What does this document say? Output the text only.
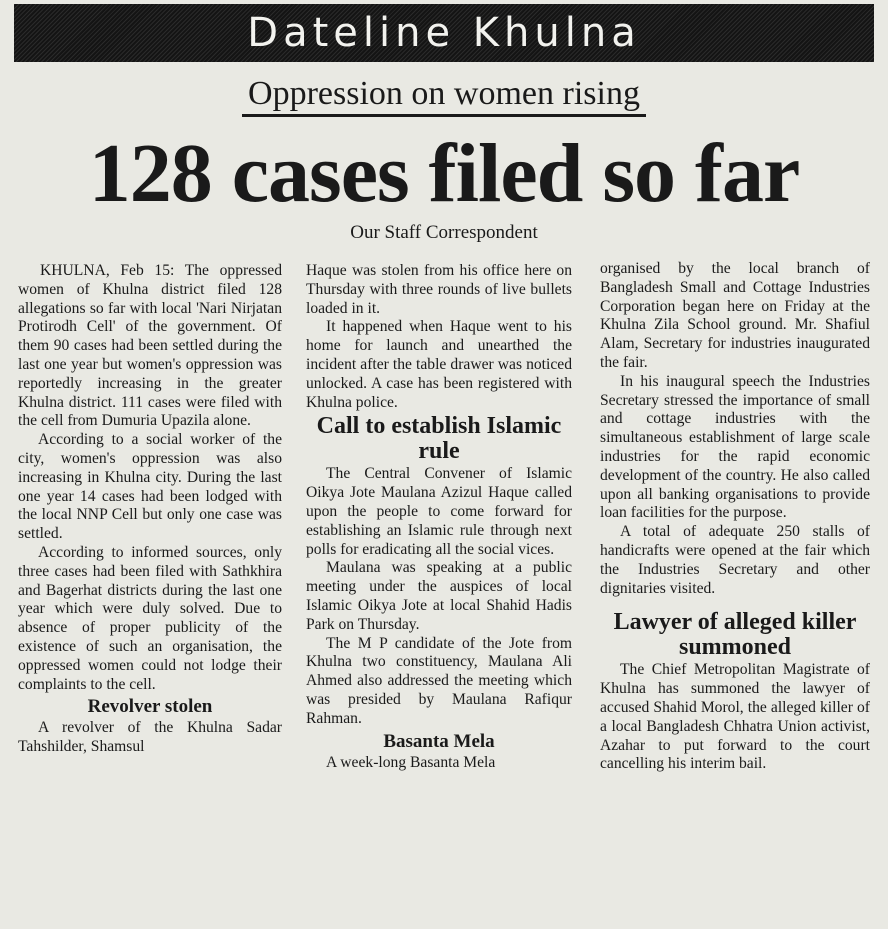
Dateline Khulna
Oppression on women rising
128 cases filed so far
Our Staff Correspondent

KHULNA, Feb 15: The oppressed women of Khulna district filed 128 allegations so far with local 'Nari Nirjatan Protirodh Cell' of the government. Of them 90 cases had been settled during the last one year but women's oppression was reportedly increasing in the greater Khulna district. 111 cases were filed with the cell from Dumuria Upazila alone.

According to a social worker of the city, women's oppression was also increasing in Khulna city. During the last one year 14 cases had been lodged with the local NNP Cell but only one case was settled.

According to informed sources, only three cases had been filed with Sathkhira and Bagerhat districts during the last one year which were duly solved. Due to absence of proper publicity of the existence of such an organisation, the oppressed women could not lodge their complaints to the cell.

Revolver stolen

A revolver of the Khulna Sadar Tahshilder, Shamsul

Haque was stolen from his office here on Thursday with three rounds of live bullets loaded in it.

It happened when Haque went to his home for launch and unearthed the incident after the table drawer was noticed unlocked. A case has been registered with Khulna police.

Call to establish Islamic rule

The Central Convener of Islamic Oikya Jote Maulana Azizul Haque called upon the people to come forward for establishing an Islamic rule through next polls for eradicating all the social vices.

Maulana was speaking at a public meeting under the auspices of local Islamic Oikya Jote at local Shahid Hadis Park on Thursday.

The M P candidate of the Jote from Khulna two constituency, Maulana Ali Ahmed also addressed the meeting which was presided by Maulana Rafiqur Rahman.

Basanta Mela

A week-long Basanta Mela

organised by the local branch of Bangladesh Small and Cottage Industries Corporation began here on Friday at the Khulna Zila School ground. Mr. Shafiul Alam, Secretary for industries inaugurated the fair.

In his inaugural speech the Industries Secretary stressed the importance of small and cottage industries with the simultaneous establishment of large scale industries for the rapid economic development of the country. He also called upon all banking organisations to provide loan facilities for the purpose.

A total of adequate 250 stalls of handicrafts were opened at the fair which the Industries Secretary and other dignitaries visited.

Lawyer of alleged killer summoned

The Chief Metropolitan Magistrate of Khulna has summoned the lawyer of accused Shahid Morol, the alleged killer of a local Bangladesh Chhatra Union activist, Azahar to put forward to the court cancelling his interim bail.
